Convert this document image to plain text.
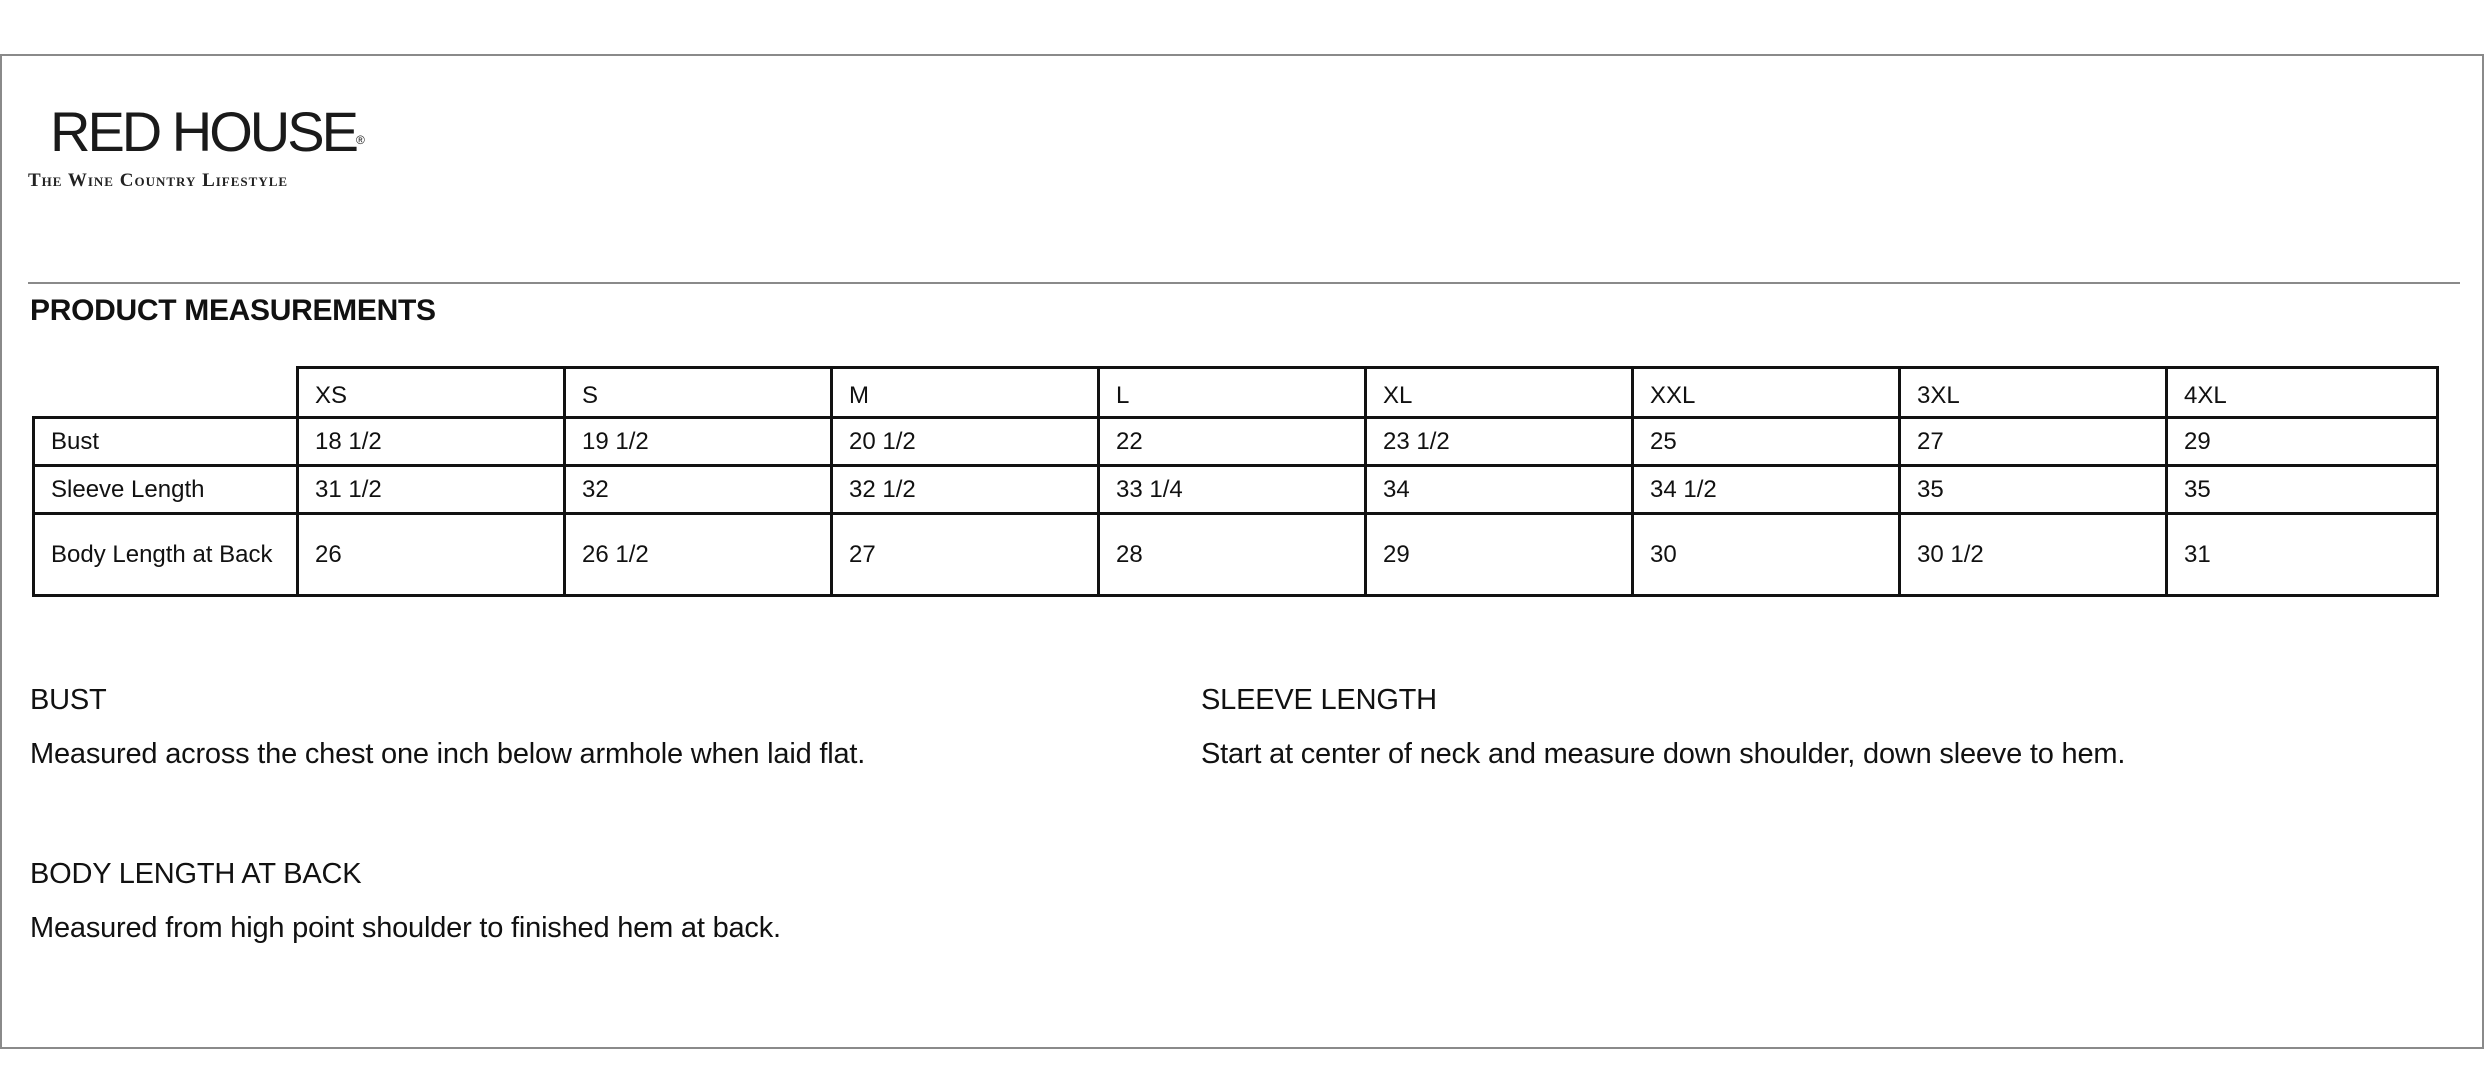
RED HOUSE®
The Wine Country Lifestyle
PRODUCT MEASUREMENTS
	XS	S	M	L	XL	XXL	3XL	4XL
Bust	18 1/2	19 1/2	20 1/2	22	23 1/2	25	27	29
Sleeve Length	31 1/2	32	32 1/2	33 1/4	34	34 1/2	35	35
Body Length at Back	26	26 1/2	27	28	29	30	30 1/2	31
BUST
Measured across the chest one inch below armhole when laid flat.
SLEEVE LENGTH
Start at center of neck and measure down shoulder, down sleeve to hem.
BODY LENGTH AT BACK
Measured from high point shoulder to finished hem at back.
